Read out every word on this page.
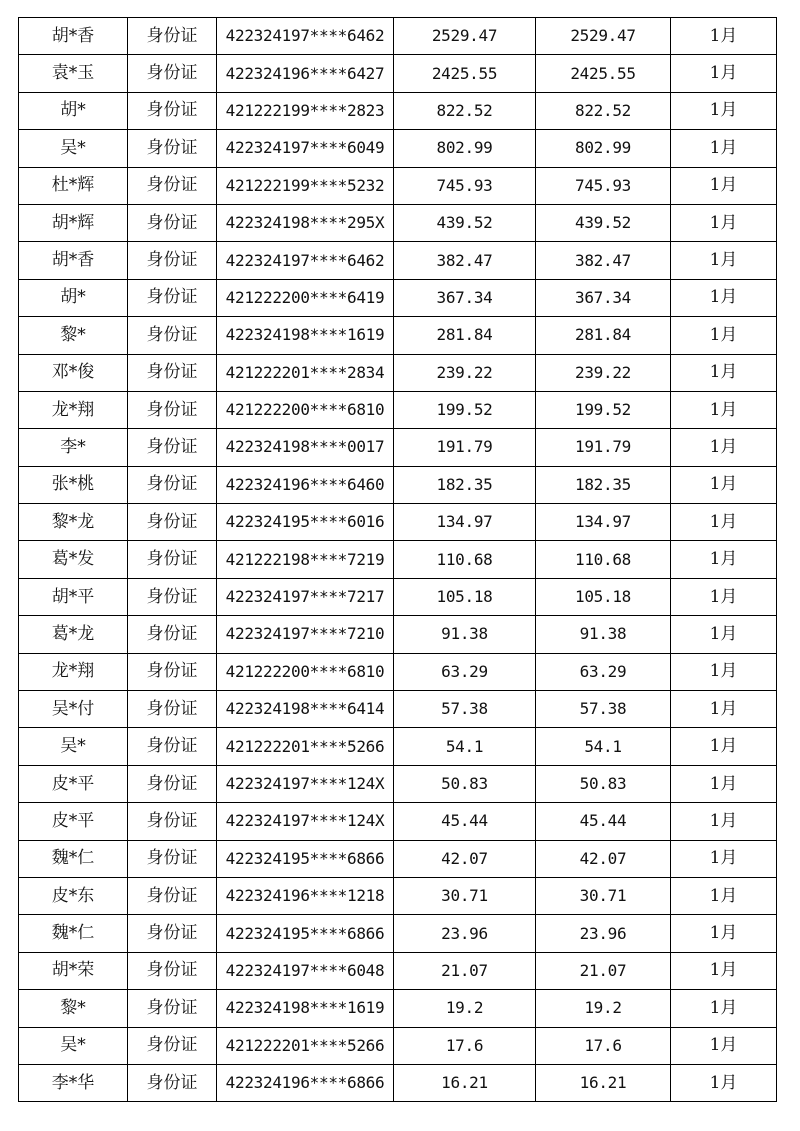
胡*香	身份证	422324197****6462	2529.47	2529.47	1月
袁*玉	身份证	422324196****6427	2425.55	2425.55	1月
胡*	身份证	421222199****2823	822.52	822.52	1月
吴*	身份证	422324197****6049	802.99	802.99	1月
杜*辉	身份证	421222199****5232	745.93	745.93	1月
胡*辉	身份证	422324198****295X	439.52	439.52	1月
胡*香	身份证	422324197****6462	382.47	382.47	1月
胡*	身份证	421222200****6419	367.34	367.34	1月
黎*	身份证	422324198****1619	281.84	281.84	1月
邓*俊	身份证	421222201****2834	239.22	239.22	1月
龙*翔	身份证	421222200****6810	199.52	199.52	1月
李*	身份证	422324198****0017	191.79	191.79	1月
张*桃	身份证	422324196****6460	182.35	182.35	1月
黎*龙	身份证	422324195****6016	134.97	134.97	1月
葛*发	身份证	421222198****7219	110.68	110.68	1月
胡*平	身份证	422324197****7217	105.18	105.18	1月
葛*龙	身份证	422324197****7210	91.38	91.38	1月
龙*翔	身份证	421222200****6810	63.29	63.29	1月
吴*付	身份证	422324198****6414	57.38	57.38	1月
吴*	身份证	421222201****5266	54.1	54.1	1月
皮*平	身份证	422324197****124X	50.83	50.83	1月
皮*平	身份证	422324197****124X	45.44	45.44	1月
魏*仁	身份证	422324195****6866	42.07	42.07	1月
皮*东	身份证	422324196****1218	30.71	30.71	1月
魏*仁	身份证	422324195****6866	23.96	23.96	1月
胡*荣	身份证	422324197****6048	21.07	21.07	1月
黎*	身份证	422324198****1619	19.2	19.2	1月
吴*	身份证	421222201****5266	17.6	17.6	1月
李*华	身份证	422324196****6866	16.21	16.21	1月
